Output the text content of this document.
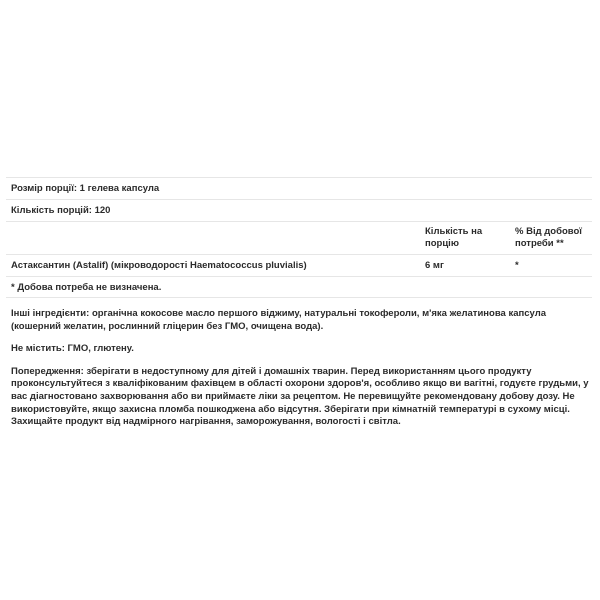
Розмір порції: 1 гелева капсула
Кількість порцій: 120
Кількість на порцію
% Від добової потреби **
Астаксантин (Astalif) (мікроводорості Haematococcus pluvialis)	6 мг	*
* Добова потреба не визначена.

Інші інгредієнти: органічна кокосове масло першого віджиму, натуральні токофероли, м'яка желатинова капсула (кошерний желатин, рослинний гліцерин без ГМО, очищена вода).

Не містить: ГМО, глютену.

Попередження: зберігати в недоступному для дітей і домашніх тварин. Перед використанням цього продукту проконсультуйтеся з кваліфікованим фахівцем в області охорони здоров'я, особливо якщо ви вагітні, годуєте грудьми, у вас діагностовано захворювання або ви приймаєте ліки за рецептом. Не перевищуйте рекомендовану добову дозу. Не використовуйте, якщо захисна пломба пошкоджена або відсутня. Зберігати при кімнатній температурі в сухому місці. Захищайте продукт від надмірного нагрівання, заморожування, вологості і світла.
